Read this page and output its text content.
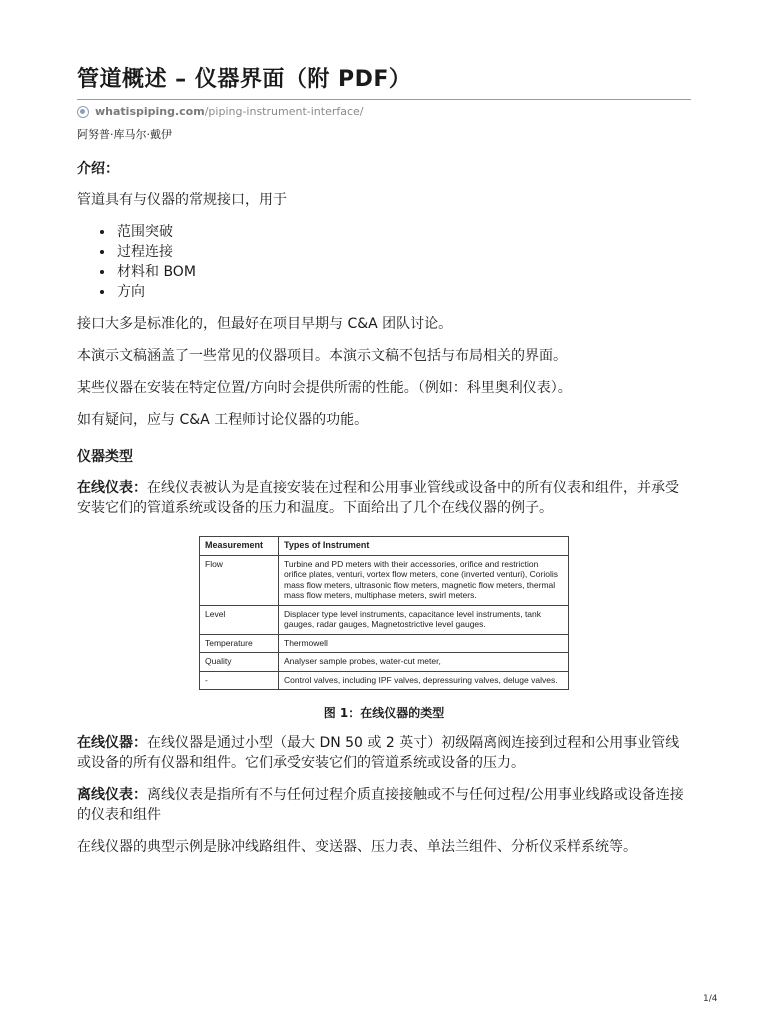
管道概述 – 仪器界面（附 PDF）
whatispiping.com /piping-instrument-interface/
阿努普·库马尔·戴伊
介绍：

管道具有与仪器的常规接口，用于

• 范围突破
• 过程连接
• 材料和 BOM
• 方向

接口大多是标准化的，但最好在项目早期与 C&A 团队讨论。

本演示文稿涵盖了一些常见的仪器项目。本演示文稿不包括与布局相关的界面。

某些仪器在安装在特定位置/方向时会提供所需的性能。（例如：科里奥利仪表）。

如有疑问，应与 C&A 工程师讨论仪器的功能。

仪器类型

在线仪表：在线仪表被认为是直接安装在过程和公用事业管线或设备中的所有仪表和组件，并承受安装它们的管道系统或设备的压力和温度。下面给出了几个在线仪器的例子。

Measurement	Types of Instrument
Flow	Turbine and PD meters with their accessories, orifice and restriction orifice plates, venturi, vortex flow meters, cone (inverted venturi), Coriolis mass flow meters, ultrasonic flow meters, magnetic flow meters, thermal mass flow meters, multiphase meters, swirl meters.
Level	Displacer type level instruments, capacitance level instruments, tank gauges, radar gauges, Magnetostrictive level gauges.
Temperature	Thermowell
Quality	Analyser sample probes, water-cut meter,
-	Control valves, including IPF valves, depressuring valves, deluge valves.
图 1：在线仪器的类型

在线仪器：在线仪器是通过小型（最大 DN 50 或 2 英寸）初级隔离阀连接到过程和公用事业管线或设备的所有仪器和组件。它们承受安装它们的管道系统或设备的压力。

离线仪表：离线仪表是指所有不与任何过程介质直接接触或不与任何过程/公用事业线路或设备连接的仪表和组件

在线仪器的典型示例是脉冲线路组件、变送器、压力表、单法兰组件、分析仪采样系统等。

1/4
